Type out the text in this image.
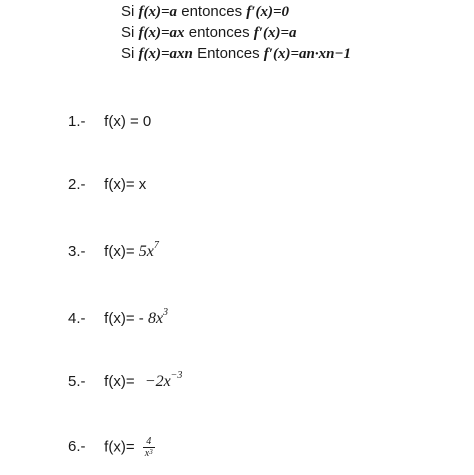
Si f(x)=a entonces f′(x)=0
Si f(x)=ax entonces f′(x)=a
Si f(x)=axn Entonces f′(x)=an·xn−1
1.- f(x) = 0
2.- f(x)= x
3.- $f(x)= 5x^7$
4.- $f(x)= - 8x^3$
5.- $f(x)= -2x^{-3}$
6.- $f(x)= \frac{4}{x^3}$
